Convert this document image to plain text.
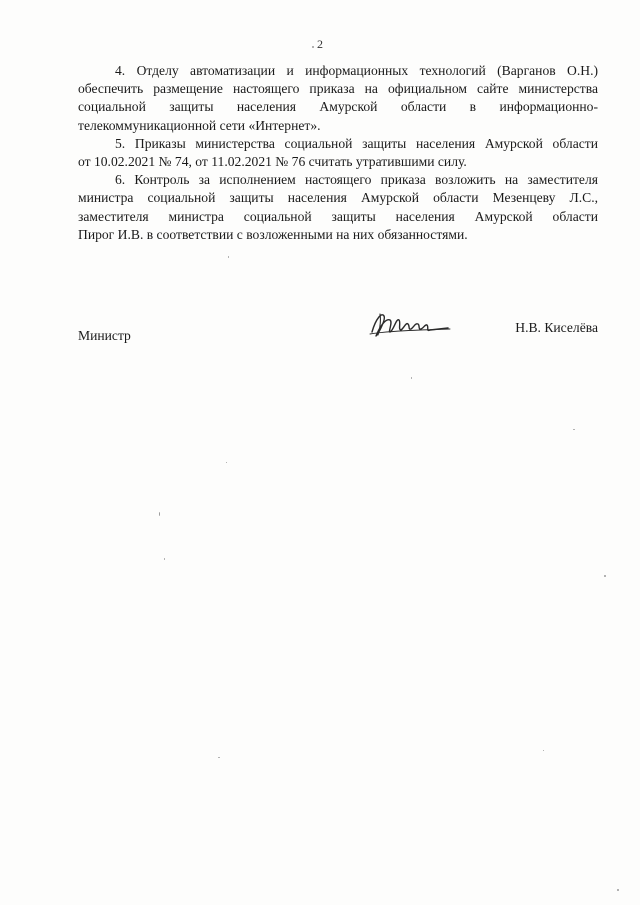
2
4. Отделу автоматизации и информационных технологий (Варганов О.Н.)
обеспечить размещение настоящего приказа на официальном сайте министерства
социальной защиты населения Амурской области в информационно-
телекоммуникационной сети «Интернет».
5. Приказы министерства социальной защиты населения Амурской области
от 10.02.2021 № 74, от 11.02.2021 № 76 считать утратившими силу.
6. Контроль за исполнением настоящего приказа возложить на заместителя
министра социальной защиты населения Амурской области Мезенцеву Л.С.,
заместителя министра социальной защиты населения Амурской области
Пирог И.В. в соответствии с возложенными на них обязанностями.
Министр
Н.В. Киселёва
